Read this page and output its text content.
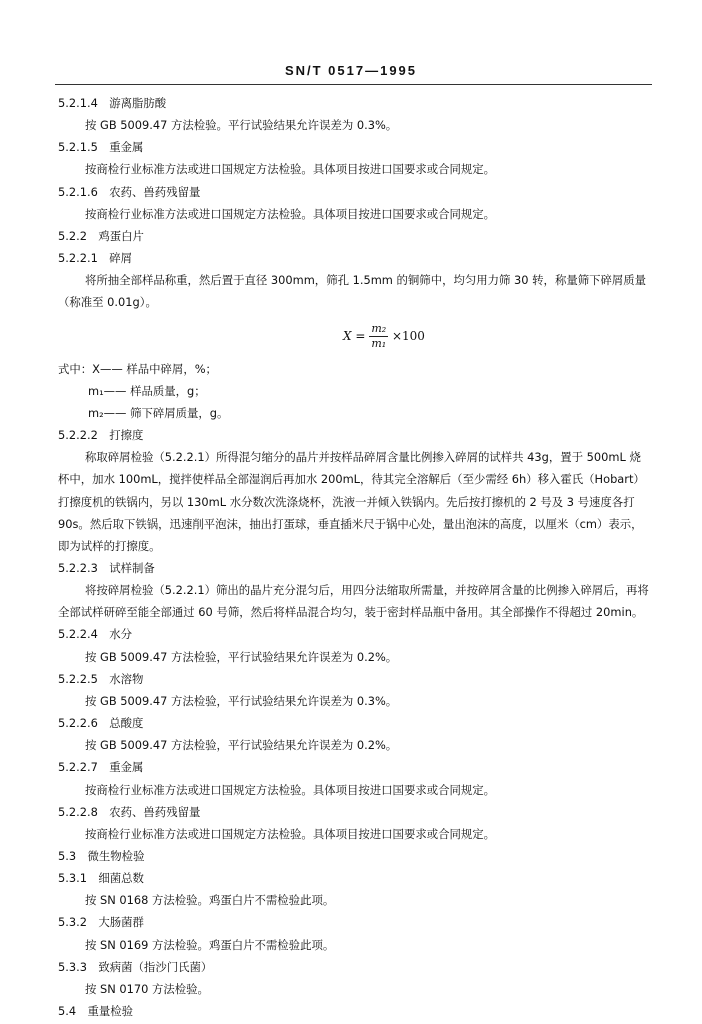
SN/T 0517—1995

5.2.1.4　游离脂肪酸

按 GB 5009.47 方法检验。平行试验结果允许误差为 0.3%。

5.2.1.5　重金属

按商检行业标准方法或进口国规定方法检验。具体项目按进口国要求或合同规定。

5.2.1.6　农药、兽药残留量

按商检行业标准方法或进口国规定方法检验。具体项目按进口国要求或合同规定。

5.2.2　鸡蛋白片

5.2.2.1　碎屑

将所抽全部样品称重，然后置于直径 300mm，筛孔 1.5mm 的铜筛中，均匀用力筛 30 转，称量筛下碎屑质量（称准至 0.01g）。

$X = \frac{\text{m₂}}{\text{m₁}} \times 100$

式中：X—— 样品中碎屑，%；

m₁—— 样品质量，g；

m₂—— 筛下碎屑质量，g。

5.2.2.2　打擦度

称取碎屑检验（5.2.2.1）所得混匀缩分的晶片并按样品碎屑含量比例掺入碎屑的试样共 43g，置于 500mL 烧杯中，加水 100mL，搅拌使样品全部湿润后再加水 200mL，待其完全溶解后（至少需经 6h）移入霍氏（Hobart）打擦度机的铁锅内，另以 130mL 水分数次洗涤烧杯，洗液一并倾入铁锅内。先后按打擦机的 2 号及 3 号速度各打 90s。然后取下铁锅，迅速削平泡沫，抽出打蛋球，垂直插米尺于锅中心处，量出泡沫的高度，以厘米（cm）表示，即为试样的打擦度。

5.2.2.3　试样制备

将按碎屑检验（5.2.2.1）筛出的晶片充分混匀后，用四分法缩取所需量，并按碎屑含量的比例掺入碎屑后，再将全部试样研碎至能全部通过 60 号筛，然后将样品混合均匀，装于密封样品瓶中备用。其全部操作不得超过 20min。

5.2.2.4　水分

按 GB 5009.47 方法检验，平行试验结果允许误差为 0.2%。

5.2.2.5　水溶物

按 GB 5009.47 方法检验，平行试验结果允许误差为 0.3%。

5.2.2.6　总酸度

按 GB 5009.47 方法检验，平行试验结果允许误差为 0.2%。

5.2.2.7　重金属

按商检行业标准方法或进口国规定方法检验。具体项目按进口国要求或合同规定。

5.2.2.8　农药、兽药残留量

按商检行业标准方法或进口国规定方法检验。具体项目按进口国要求或合同规定。

5.3　微生物检验

5.3.1　细菌总数

按 SN 0168 方法检验。鸡蛋白片不需检验此项。

5.3.2　大肠菌群

按 SN 0169 方法检验。鸡蛋白片不需检验此项。

5.3.3　致病菌（指沙门氏菌）

按 SN 0170 方法检验。

5.4　重量检验
